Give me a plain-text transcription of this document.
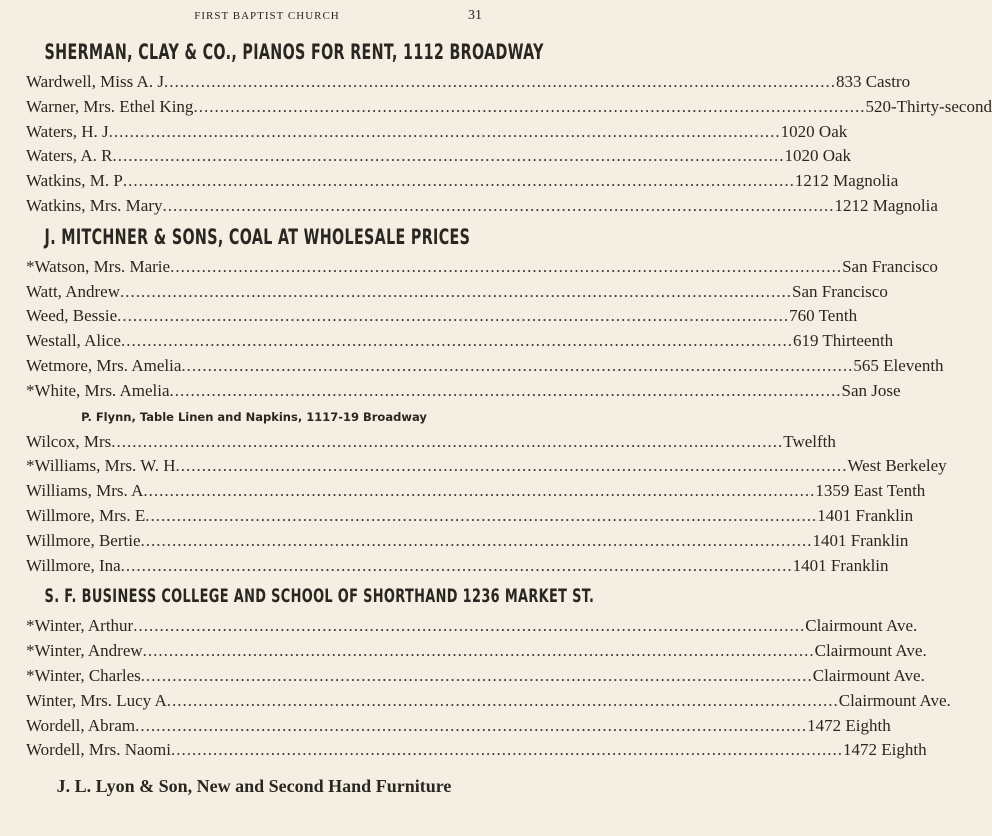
FIRST BAPTIST CHURCH	31
SHERMAN, CLAY & CO., PIANOS FOR RENT, 1112 BROADWAY
Wardwell, Miss A. J .....	833 Castro
Warner, Mrs. Ethel King .....	520-Thirty-second
Waters, H. J .....	1020 Oak
Waters, A. R .....	1020 Oak
Watkins, M. P .....	1212 Magnolia
Watkins, Mrs. Mary .....	1212 Magnolia
J. MITCHNER & SONS, COAL AT WHOLESALE PRICES
*Watson, Mrs. Marie .....	San Francisco
Watt, Andrew .....	San Francisco
Weed, Bessie .....	760 Tenth
Westall, Alice .....	619 Thirteenth
Wetmore, Mrs. Amelia .....	565 Eleventh
*White, Mrs. Amelia .....	San Jose
P. Flynn, Table Linen and Napkins, 1117-19 Broadway
Wilcox, Mrs .....	Twelfth
*Williams, Mrs. W. H .....	West Berkeley
Williams, Mrs. A .....	1359 East Tenth
Willmore, Mrs. E .....	1401 Franklin
Willmore, Bertie .....	1401 Franklin
Willmore, Ina .....	1401 Franklin
S. F. BUSINESS COLLEGE AND SCHOOL OF SHORTHAND 1236 MARKET ST.
*Winter, Arthur .....	Clairmount Ave.
*Winter, Andrew .....	Clairmount Ave.
*Winter, Charles .....	Clairmount Ave.
Winter, Mrs. Lucy A .....	Clairmount Ave.
Wordell, Abram .....	1472 Eighth
Wordell, Mrs. Naomi .....	1472 Eighth
J. L. Lyon & Son, New and Second Hand Furniture
